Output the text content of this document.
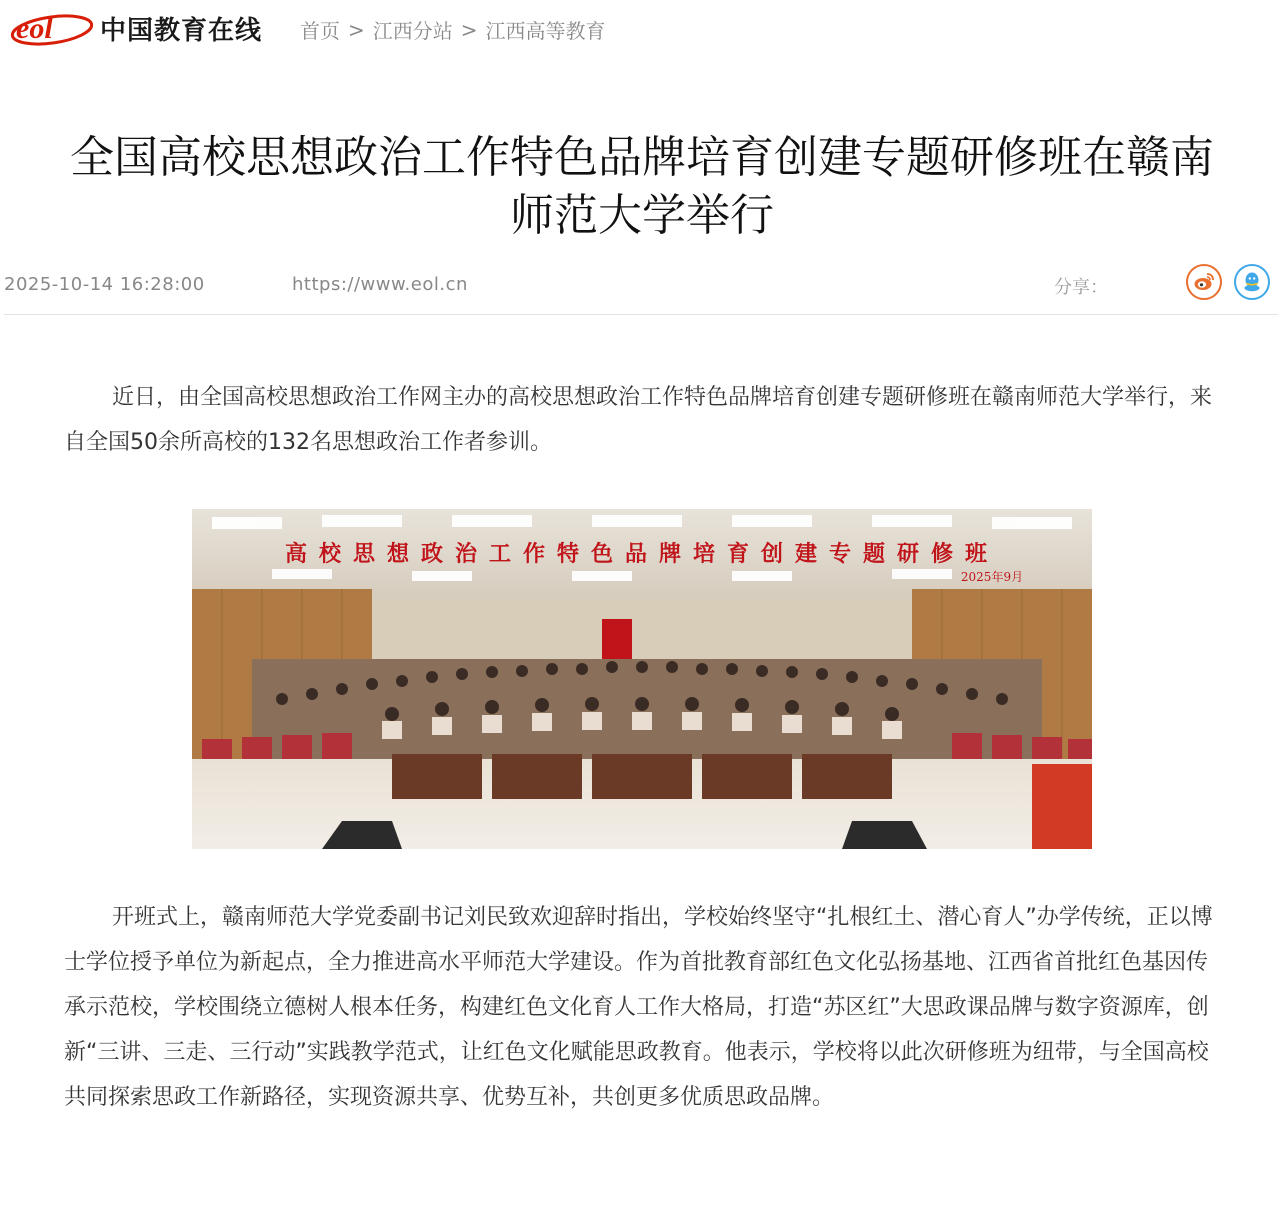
eol 中国教育在线 首页 > 江西分站 > 江西高等教育
全国高校思想政治工作特色品牌培育创建专题研修班在赣南
师范大学举行
2025-10-14 16:28:00	https://www.eol.cn	分享：

近日，由全国高校思想政治工作网主办的高校思想政治工作特色品牌培育创建专题研修班在赣南师范大学举行，来自全国50余所高校的132名思想政治工作者参训。

高校思想政治工作特色品牌培育创建专题研修班
2025年9月

开班式上，赣南师范大学党委副书记刘民致欢迎辞时指出，学校始终坚守“扎根红土、潜心育人”办学传统，正以博士学位授予单位为新起点，全力推进高水平师范大学建设。作为首批教育部红色文化弘扬基地、江西省首批红色基因传承示范校，学校围绕立德树人根本任务，构建红色文化育人工作大格局，打造“苏区红”大思政课品牌与数字资源库，创新“三讲、三走、三行动”实践教学范式，让红色文化赋能思政教育。他表示，学校将以此次研修班为纽带，与全国高校共同探索思政工作新路径，实现资源共享、优势互补，共创更多优质思政品牌。
